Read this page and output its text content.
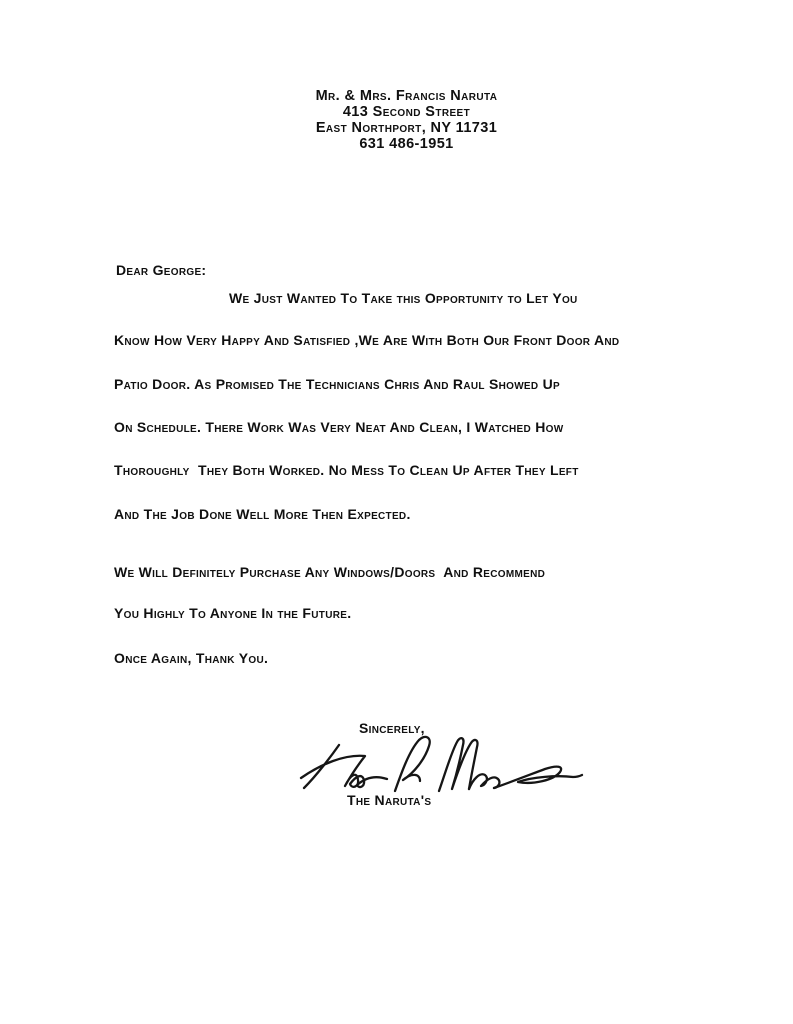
Mr. & Mrs. Francis Naruta
413 Second Street
East Northport, NY 11731
631 486-1951
Dear George:
We Just Wanted To Take this Opportunity to Let You
Know How Very Happy And Satisfied ,We Are With Both Our Front Door And
Patio Door. As Promised The Technicians Chris And Raul Showed Up
On Schedule. There Work Was Very Neat And Clean, I Watched How
Thoroughly  They Both Worked. No Mess To Clean Up After They Left
And The Job Done Well More Then Expected.
We Will Definitely Purchase Any Windows/Doors  And Recommend
You Highly To Anyone In the Future.
Once Again, Thank You.
Sincerely,
The Naruta's
